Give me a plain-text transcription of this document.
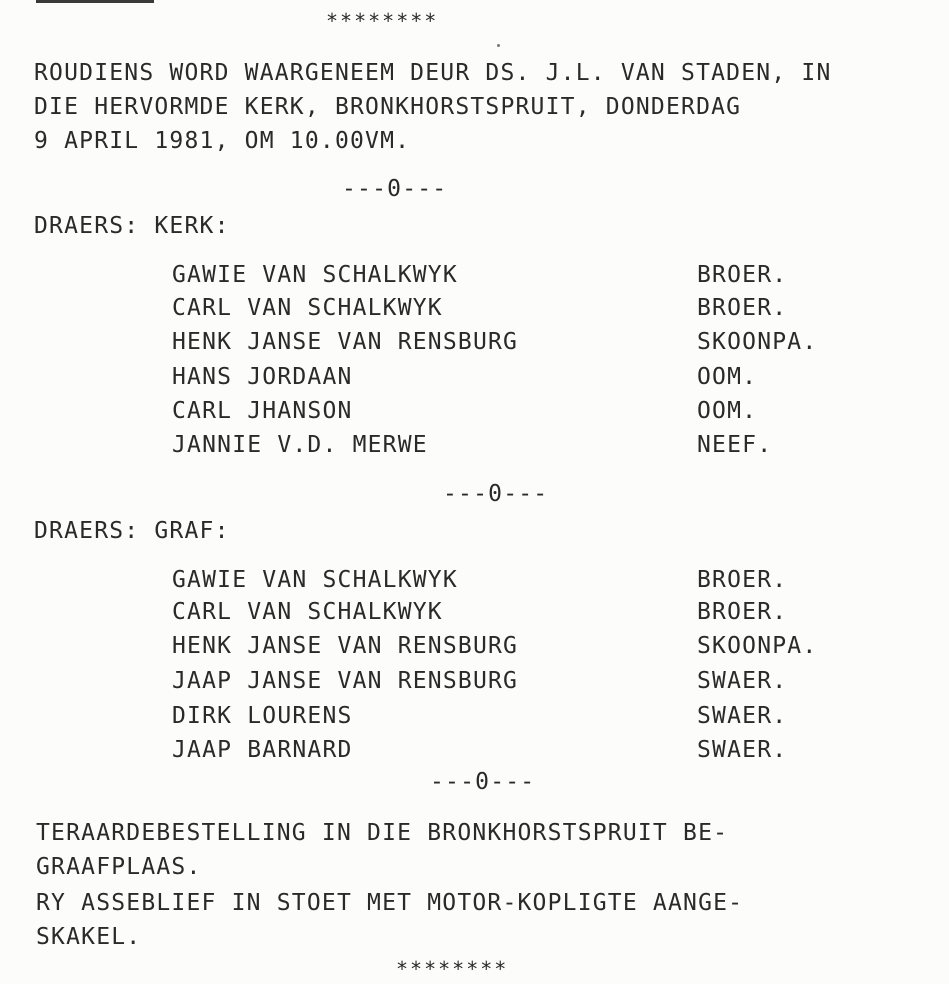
********

ROUDIENS WORD WAARGENEEM DEUR DS. J.L. VAN STADEN, IN

DIE HERVORMDE KERK, BRONKHORSTSPRUIT, DONDERDAG

9 APRIL 1981, OM 10.00VM.

---0---

DRAERS: KERK:

GAWIE VAN SCHALKWYK	BROER.

CARL VAN SCHALKWYK	BROER.

HENK JANSE VAN RENSBURG	SKOONPA.

HANS JORDAAN	OOM.

CARL JHANSON	OOM.

JANNIE V.D. MERWE	NEEF.

---0---

DRAERS: GRAF:

GAWIE VAN SCHALKWYK	BROER.

CARL VAN SCHALKWYK	BROER.

HENK JANSE VAN RENSBURG	SKOONPA.

JAAP JANSE VAN RENSBURG	SWAER.

DIRK LOURENS	SWAER.

JAAP BARNARD	SWAER.

---0---

TERAARDEBESTELLING IN DIE BRONKHORSTSPRUIT BE-

GRAAFPLAAS.

RY ASSEBLIEF IN STOET MET MOTOR-KOPLIGTE AANGE-

SKAKEL.

********
